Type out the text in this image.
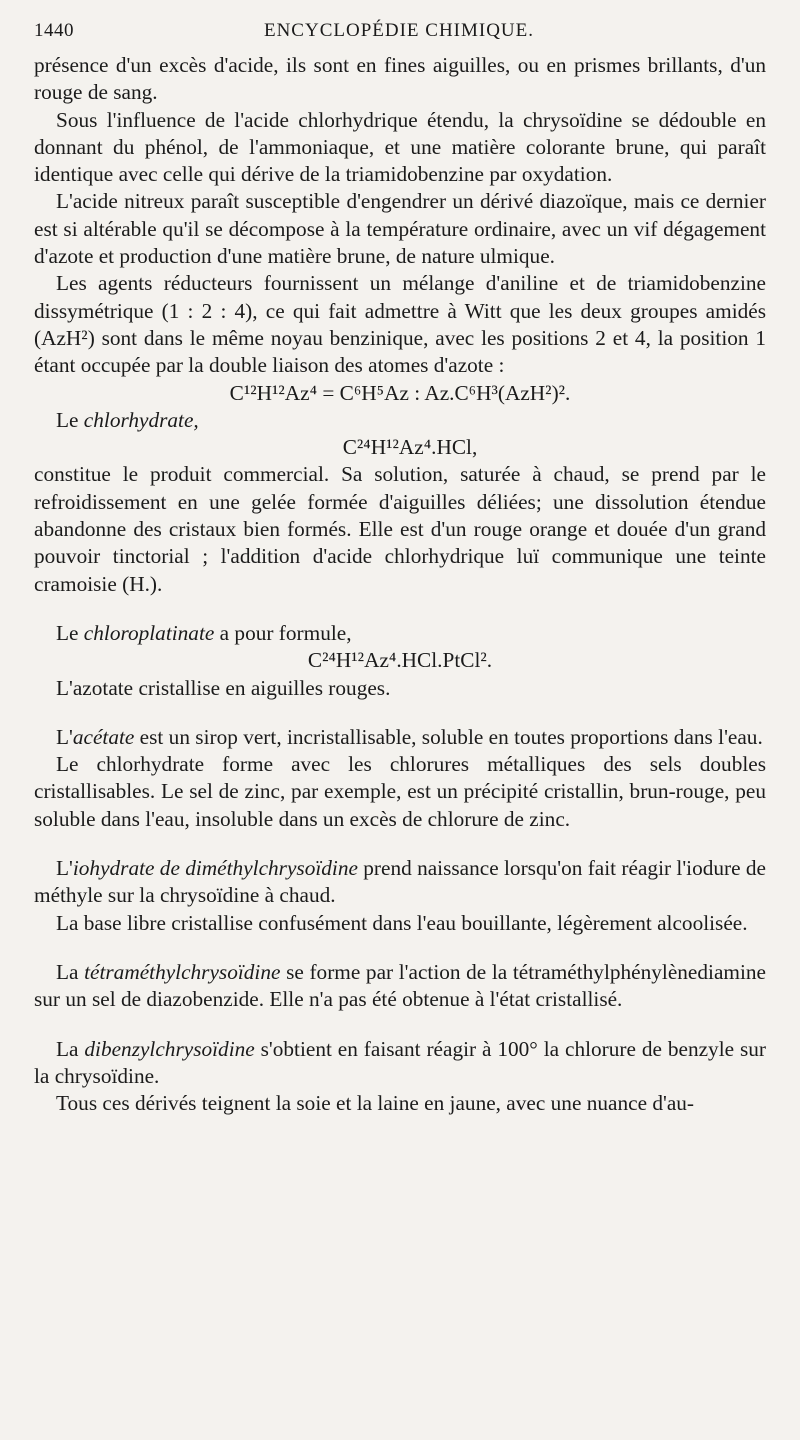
1440	ENCYCLOPÉDIE CHIMIQUE.

présence d'un excès d'acide, ils sont en fines aiguilles, ou en prismes brillants, d'un rouge de sang.

Sous l'influence de l'acide chlorhydrique étendu, la chrysoïdine se dédouble en donnant du phénol, de l'ammoniaque, et une matière colorante brune, qui paraît identique avec celle qui dérive de la triamidobenzine par oxydation.

L'acide nitreux paraît susceptible d'engendrer un dérivé diazoïque, mais ce dernier est si altérable qu'il se décompose à la température ordinaire, avec un vif dégagement d'azote et production d'une matière brune, de nature ulmique.

Les agents réducteurs fournissent un mélange d'aniline et de triamidobenzine dissymétrique (1 : 2 : 4), ce qui fait admettre à Witt que les deux groupes amidés (AzH²) sont dans le même noyau benzinique, avec les positions 2 et 4, la position 1 étant occupée par la double liaison des atomes d'azote :

C¹²H¹²Az⁴ = C⁶H⁵Az : Az.C⁶H³(AzH²)².

Le chlorhydrate,

C²⁴H¹²Az⁴.HCl,

constitue le produit commercial. Sa solution, saturée à chaud, se prend par le refroidissement en une gelée formée d'aiguilles déliées; une dissolution étendue abandonne des cristaux bien formés. Elle est d'un rouge orange et douée d'un grand pouvoir tinctorial ; l'addition d'acide chlorhydrique luï communique une teinte cramoisie (H.).

Le chloroplatinate a pour formule,

C²⁴H¹²Az⁴.HCl.PtCl².

L'azotate cristallise en aiguilles rouges.

L'acétate est un sirop vert, incristallisable, soluble en toutes proportions dans l'eau.

Le chlorhydrate forme avec les chlorures métalliques des sels doubles cristallisables. Le sel de zinc, par exemple, est un précipité cristallin, brun-rouge, peu soluble dans l'eau, insoluble dans un excès de chlorure de zinc.

L'iohydrate de diméthylchrysoïdine prend naissance lorsqu'on fait réagir l'iodure de méthyle sur la chrysoïdine à chaud.

La base libre cristallise confusément dans l'eau bouillante, légèrement alcoolisée.

La tétraméthylchrysoïdine se forme par l'action de la tétraméthylphénylènediamine sur un sel de diazobenzide. Elle n'a pas été obtenue à l'état cristallisé.

La dibenzylchrysoïdine s'obtient en faisant réagir à 100° la chlorure de benzyle sur la chrysoïdine.

Tous ces dérivés teignent la soie et la laine en jaune, avec une nuance d'au-
